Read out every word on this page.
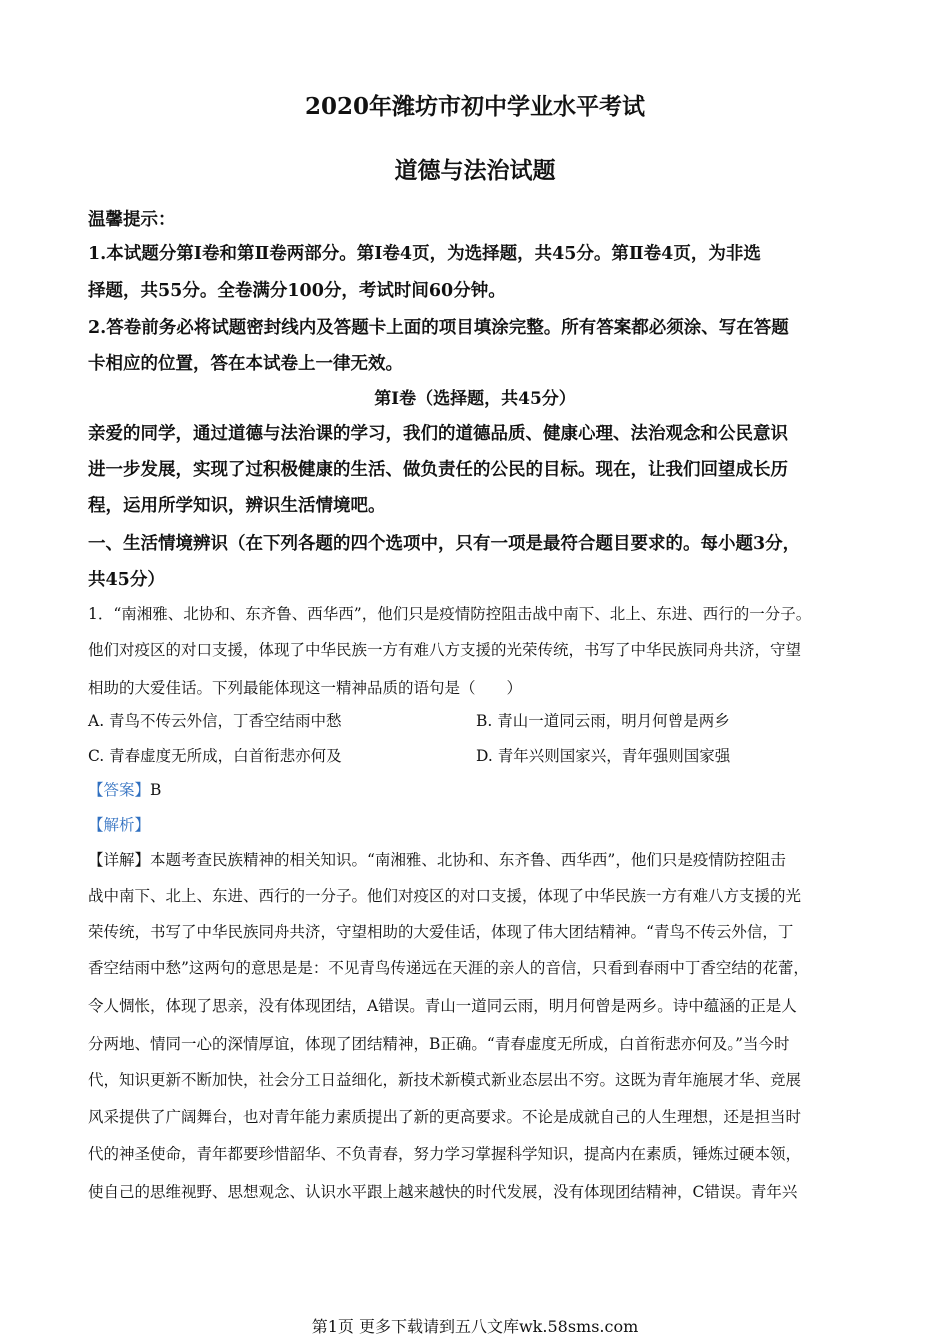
2020年潍坊市初中学业水平考试
道德与法治试题
温馨提示：
1.本试题分第Ⅰ卷和第Ⅱ卷两部分。第Ⅰ卷4页，为选择题，共45分。第Ⅱ卷4页，为非选
择题，共55分。全卷满分100分，考试时间60分钟。
2.答卷前务必将试题密封线内及答题卡上面的项目填涂完整。所有答案都必须涂、写在答题
卡相应的位置，答在本试卷上一律无效。
第Ⅰ卷（选择题，共45分）
亲爱的同学，通过道德与法治课的学习，我们的道德品质、健康心理、法治观念和公民意识
进一步发展，实现了过积极健康的生活、做负责任的公民的目标。现在，让我们回望成长历
程，运用所学知识，辨识生活情境吧。
一、生活情境辨识（在下列各题的四个选项中，只有一项是最符合题目要求的。每小题3分，
共45分）
1．“南湘雅、北协和、东齐鲁、西华西”，他们只是疫情防控阻击战中南下、北上、东进、西行的一分子。
他们对疫区的对口支援，体现了中华民族一方有难八方支援的光荣传统，书写了中华民族同舟共济，守望
相助的大爱佳话。下列最能体现这一精神品质的语句是（　　）
A. 青鸟不传云外信，丁香空结雨中愁	B. 青山一道同云雨，明月何曾是两乡
C. 青春虚度无所成，白首衔悲亦何及	D. 青年兴则国家兴，青年强则国家强
【答案】B
【解析】
【详解】本题考查民族精神的相关知识。“南湘雅、北协和、东齐鲁、西华西”，他们只是疫情防控阻击
战中南下、北上、东进、西行的一分子。他们对疫区的对口支援，体现了中华民族一方有难八方支援的光
荣传统，书写了中华民族同舟共济，守望相助的大爱佳话，体现了伟大团结精神。“青鸟不传云外信，丁
香空结雨中愁”这两句的意思是是：不见青鸟传递远在天涯的亲人的音信，只看到春雨中丁香空结的花蕾，
令人惆怅，体现了思亲，没有体现团结，A错误。青山一道同云雨，明月何曾是两乡。诗中蕴涵的正是人
分两地、情同一心的深情厚谊，体现了团结精神，B正确。“青春虚度无所成，白首衔悲亦何及。”当今时
代，知识更新不断加快，社会分工日益细化，新技术新模式新业态层出不穷。这既为青年施展才华、竞展
风采提供了广阔舞台，也对青年能力素质提出了新的更高要求。不论是成就自己的人生理想，还是担当时
代的神圣使命，青年都要珍惜韶华、不负青春，努力学习掌握科学知识，提高内在素质，锤炼过硬本领，
使自己的思维视野、思想观念、认识水平跟上越来越快的时代发展，没有体现团结精神，C错误。青年兴
第1页 更多下载请到五八文库wk.58sms.com
